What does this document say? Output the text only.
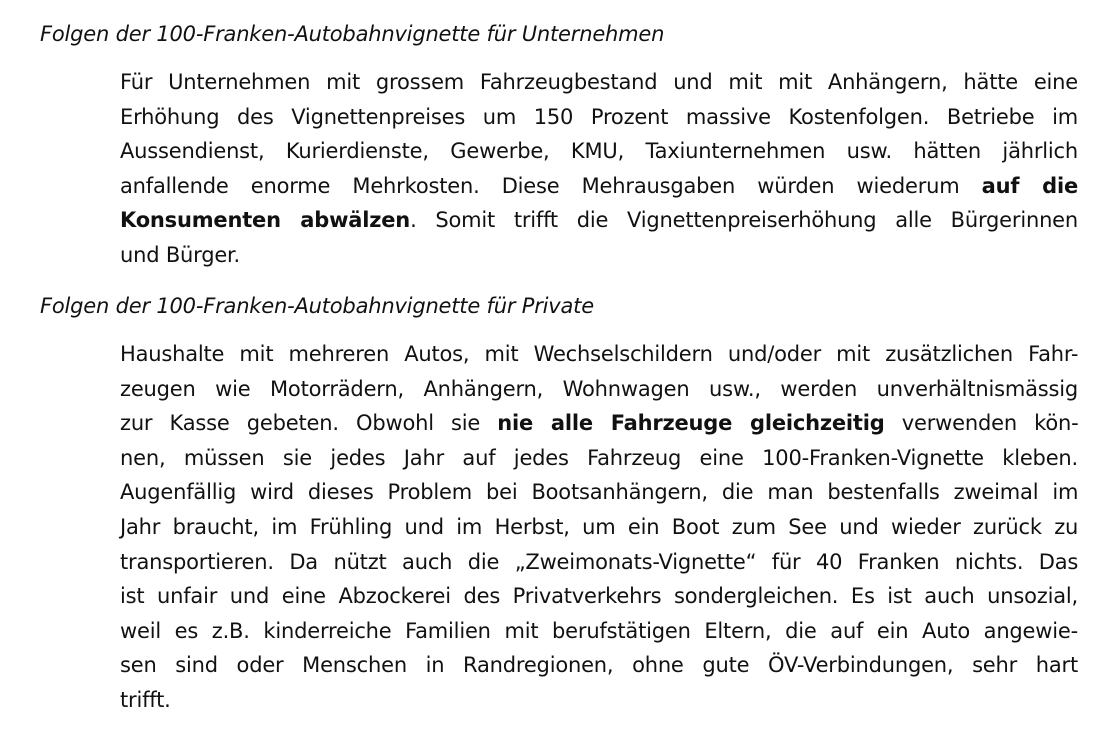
Folgen der 100-Franken-Autobahnvignette für Unternehmen
Für Unternehmen mit grossem Fahrzeugbestand und mit mit Anhängern, hätte eine
Erhöhung des Vignettenpreises um 150 Prozent massive Kostenfolgen. Betriebe im
Aussendienst, Kurierdienste, Gewerbe, KMU, Taxiunternehmen usw. hätten jährlich
anfallende enorme Mehrkosten. Diese Mehrausgaben würden wiederum auf die
Konsumenten abwälzen. Somit trifft die Vignettenpreiserhöhung alle Bürgerinnen
und Bürger.
Folgen der 100-Franken-Autobahnvignette für Private
Haushalte mit mehreren Autos, mit Wechselschildern und/oder mit zusätzlichen Fahr-
zeugen wie Motorrädern, Anhängern, Wohnwagen usw., werden unverhältnismässig
zur Kasse gebeten. Obwohl sie nie alle Fahrzeuge gleichzeitig verwenden kön-
nen, müssen sie jedes Jahr auf jedes Fahrzeug eine 100-Franken-Vignette kleben.
Augenfällig wird dieses Problem bei Bootsanhängern, die man bestenfalls zweimal im
Jahr braucht, im Frühling und im Herbst, um ein Boot zum See und wieder zurück zu
transportieren. Da nützt auch die „Zweimonats-Vignette“ für 40 Franken nichts. Das
ist unfair und eine Abzockerei des Privatverkehrs sondergleichen. Es ist auch unsozial,
weil es z.B. kinderreiche Familien mit berufstätigen Eltern, die auf ein Auto angewie-
sen sind oder Menschen in Randregionen, ohne gute ÖV-Verbindungen, sehr hart
trifft.
